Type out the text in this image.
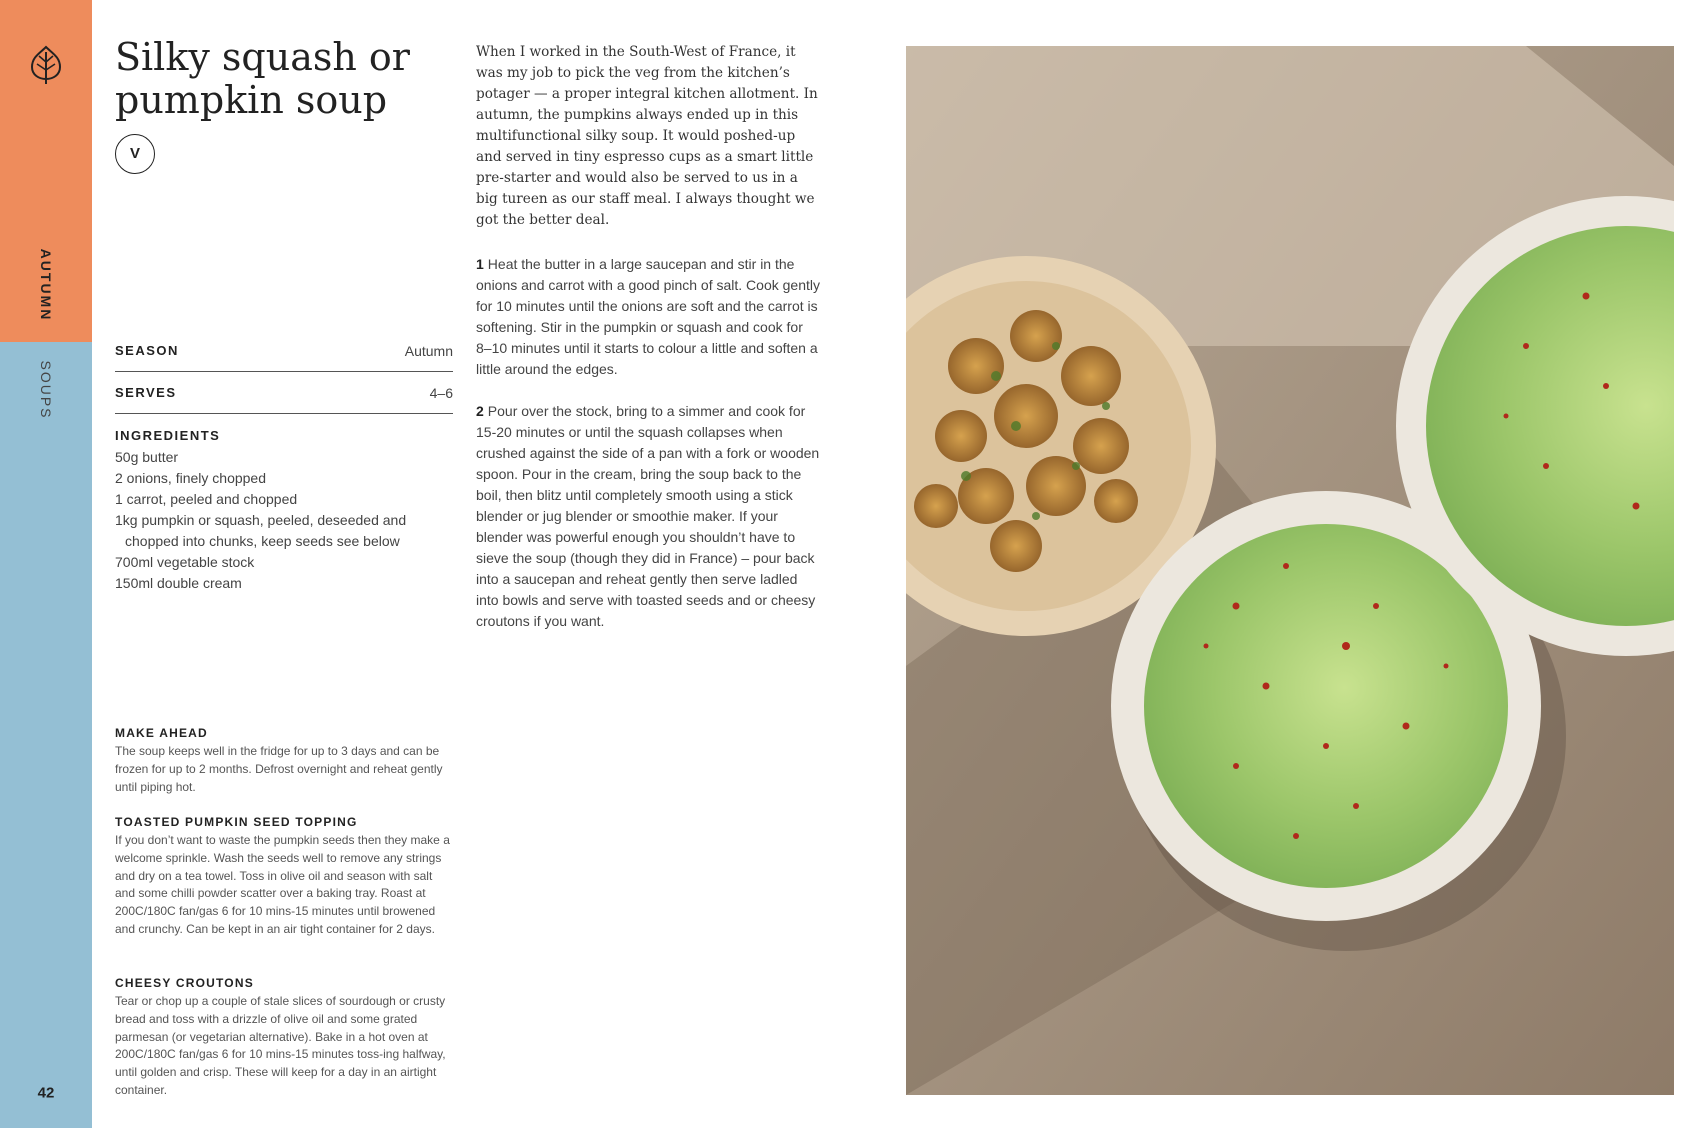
AUTUMN
SOUPS
42
Silky squash or
pumpkin soup
V
SEASON	Autumn
SERVES	4–6
INGREDIENTS
50g butter
2 onions, finely chopped
1 carrot, peeled and chopped
1kg pumpkin or squash, peeled, deseeded and chopped into chunks, keep seeds see below
700ml vegetable stock
150ml double cream
MAKE AHEAD
The soup keeps well in the fridge for up to 3 days and can be frozen for up to 2 months. Defrost overnight and reheat gently until piping hot.
TOASTED PUMPKIN SEED TOPPING
If you don’t want to waste the pumpkin seeds then they make a welcome sprinkle. Wash the seeds well to remove any strings and dry on a tea towel. Toss in olive oil and season with salt and some chilli powder scatter over a baking tray. Roast at 200C/180C fan/gas 6 for 10 mins-15 minutes until browened and crunchy. Can be kept in an air tight container for 2 days.
CHEESY CROUTONS
Tear or chop up a couple of stale slices of sourdough or crusty bread and toss with a drizzle of olive oil and some grated parmesan (or vegetarian alternative). Bake in a hot oven at 200C/180C fan/gas 6 for 10 mins-15 minutes toss-ing halfway, until golden and crisp. These will keep for a day in an airtight container.

When I worked in the South-West of France, it was my job to pick the veg from the kitchen’s potager — a proper integral kitchen allotment. In autumn, the pumpkins always ended up in this multifunctional silky soup. It would poshed-up and served in tiny espresso cups as a smart little pre-starter and would also be served to us in a big tureen as our staff meal. I always thought we got the better deal.

1 Heat the butter in a large saucepan and stir in the onions and carrot with a good pinch of salt. Cook gently for 10 minutes until the onions are soft and the carrot is softening. Stir in the pumpkin or squash and cook for 8–10 minutes until it starts to colour a little and soften a little around the edges.
2 Pour over the stock, bring to a simmer and cook for 15-20 minutes or until the squash collapses when crushed against the side of a pan with a fork or wooden spoon. Pour in the cream, bring the soup back to the boil, then blitz until completely smooth using a stick blender or jug blender or smoothie maker. If your blender was powerful enough you shouldn’t have to sieve the soup (though they did in France) – pour back into a saucepan and reheat gently then serve ladled into bowls and serve with toasted seeds and or cheesy croutons if you want.
